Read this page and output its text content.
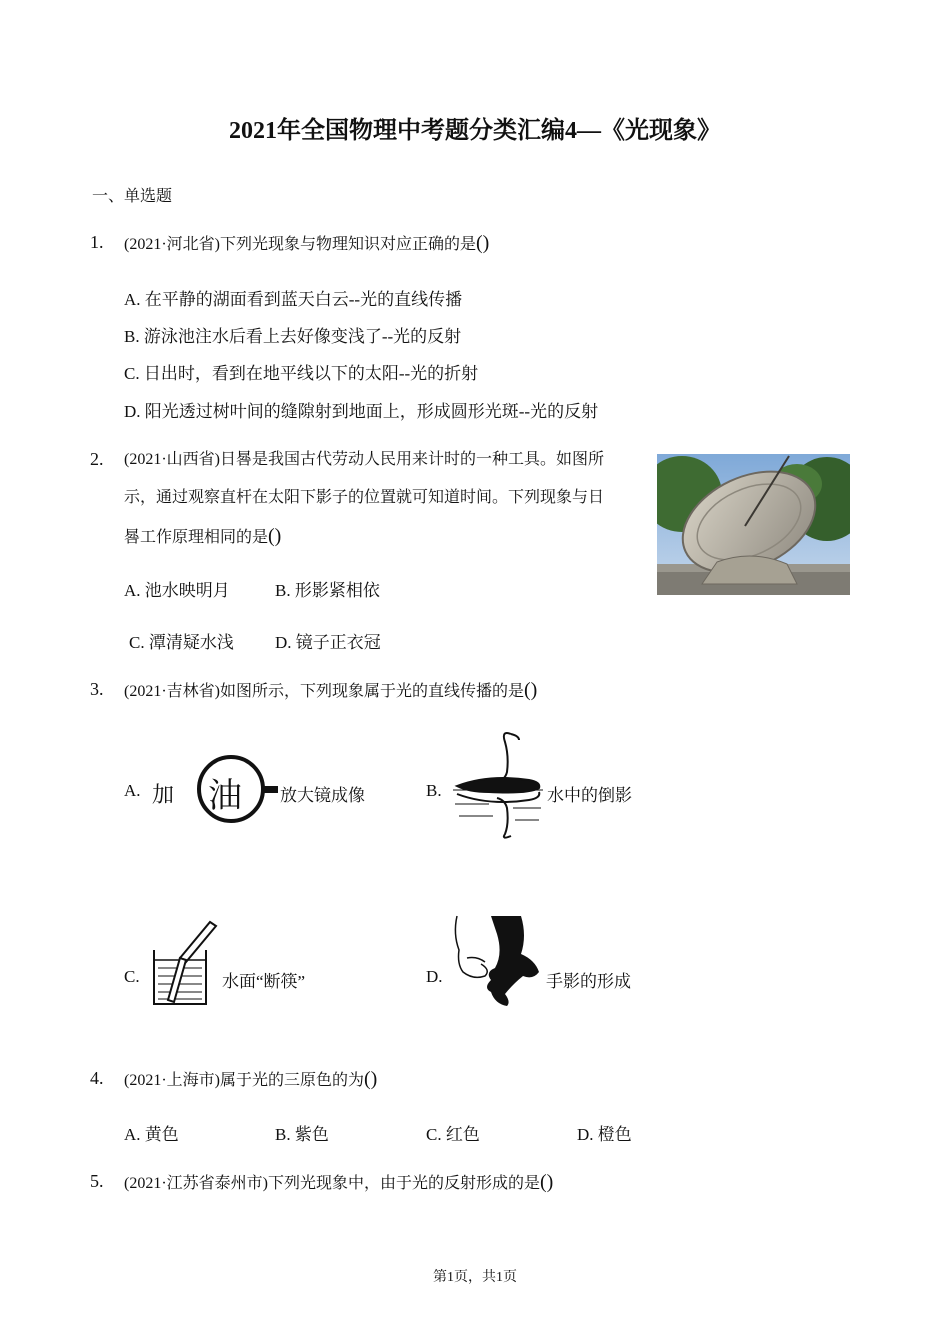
2021年全国物理中考题分类汇编4—《光现象》
一、单选题
1. (2021·河北省)下列光现象与物理知识对应正确的是()
A. 在平静的湖面看到蓝天白云--光的直线传播
B. 游泳池注水后看上去好像变浅了--光的反射
C. 日出时，看到在地平线以下的太阳--光的折射
D. 阳光透过树叶间的缝隙射到地面上，形成圆形光斑--光的反射
2. (2021·山西省)日晷是我国古代劳动人民用来计时的一种工具。如图所
示，通过观察直杆在太阳下影子的位置就可知道时间。下列现象与日
晷工作原理相同的是()
A. 池水映明月	B. 形影紧相依
C. 潭清疑水浅 D. 镜子正衣冠
3. (2021·吉林省)如图所示，下列现象属于光的直线传播的是()
A. 加 油 放大镜成像	B.	水中的倒影
C.	水面“断筷”	D.	手影的形成
4. (2021·上海市)属于光的三原色的为()
A. 黄色	B. 紫色	C. 红色	D. 橙色
5. (2021·江苏省泰州市)下列光现象中，由于光的反射形成的是()
第1页，共1页
